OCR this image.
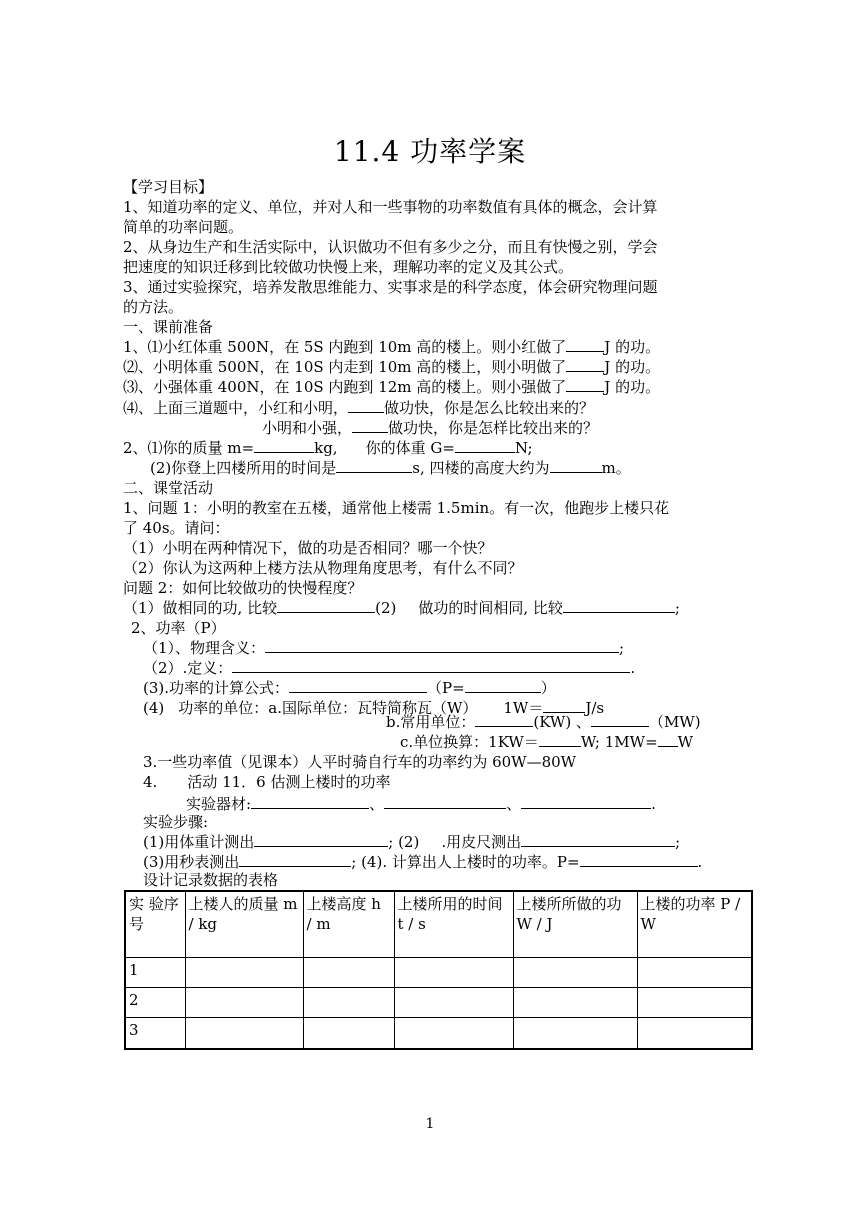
11.4 功率学案
【学习目标】
1、知道功率的定义、单位，并对人和一些事物的功率数值有具体的概念，会计算
简单的功率问题。
2、从身边生产和生活实际中，认识做功不但有多少之分，而且有快慢之别，学会
把速度的知识迁移到比较做功快慢上来，理解功率的定义及其公式。
3、通过实验探究，培养发散思维能力、实事求是的科学态度，体会研究物理问题
的方法。
一、课前准备
1、⑴小红体重 500N，在 5S 内跑到 10m 高的楼上。则小红做了	J 的功。
⑵、小明体重 500N，在 10S 内走到 10m 高的楼上，则小明做了	J 的功。
⑶、小强体重 400N，在 10S 内跑到 12m 高的楼上。则小强做了	J 的功。
⑷、上面三道题中，小红和小明， 做功快，你是怎么比较出来的？
小明和小强， 做功快，你是怎样比较出来的？
2、⑴你的质量 m=	kg, 你的体重 G=	N;
(2)你登上四楼所用的时间是	s, 四楼的高度大约为	m。
二、课堂活动
1、问题 1：小明的教室在五楼，通常他上楼需 1.5min。有一次，他跑步上楼只花
了 40s。请问：
（1）小明在两种情况下，做的功是否相同？哪一个快？
（2）你认为这两种上楼方法从物理角度思考，有什么不同？
问题 2：如何比较做功的快慢程度？
（1）做相同的功, 比较	(2) 做功的时间相同, 比较	;
2、功率（P）
（1）、物理含义：	;
（2）.定义：	.
(3).功率的计算公式：	（P=	）
(4) 功率的单位：a.国际单位：瓦特简称瓦（W） 1W＝	J/s
b.常用单位：	(KW) 、	（MW)
c.单位换算：1KW＝	W; 1MW= W
3.一些功率值（见课本）人平时骑自行车的功率约为 60W—80W
4. 活动 11．6 估测上楼时的功率
实验器材:	、	、	.
实验步骤:
(1)用体重计测出	; (2) .用皮尺测出	;
(3)用秒表测出	; (4). 计算出人上楼时的功率。P=	.
设计记录数据的表格
实 验序号	上楼人的质量 m / kg	上楼高度 h / m	上楼所用的时间 t / s	上楼所所做的功 W / J	上楼的功率 P / W
1					
2					
3					
1
